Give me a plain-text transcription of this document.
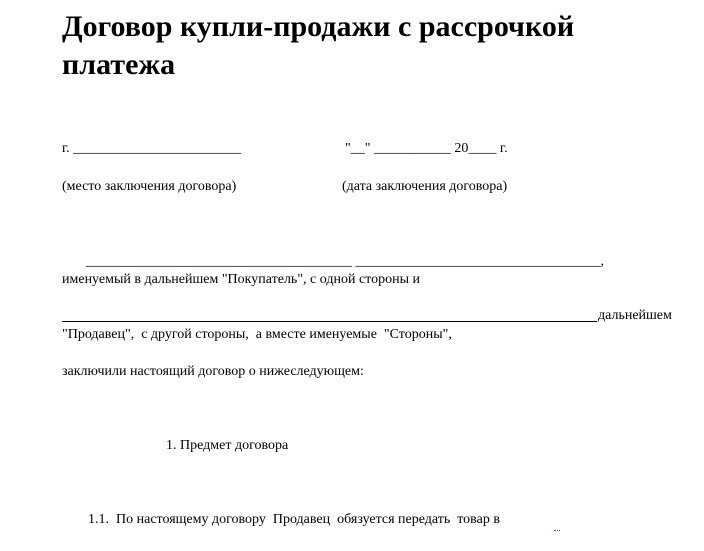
Договор купли-продажи с рассрочкой платежа
г. ________________________	"__" ___________ 20____ г.
(место заключения договора)	(дата заключения договора)
______________________________________ ___________________________________,
именуемый в дальнейшем "Покупатель", с одной стороны и
дальнейшем
"Продавец",  с другой стороны,  а вместе именуемые  "Стороны",
заключили настоящий договор о нижеследующем:
1. Предмет договора
1.1.  По настоящему договору  Продавец  обязуется передать  товар в
